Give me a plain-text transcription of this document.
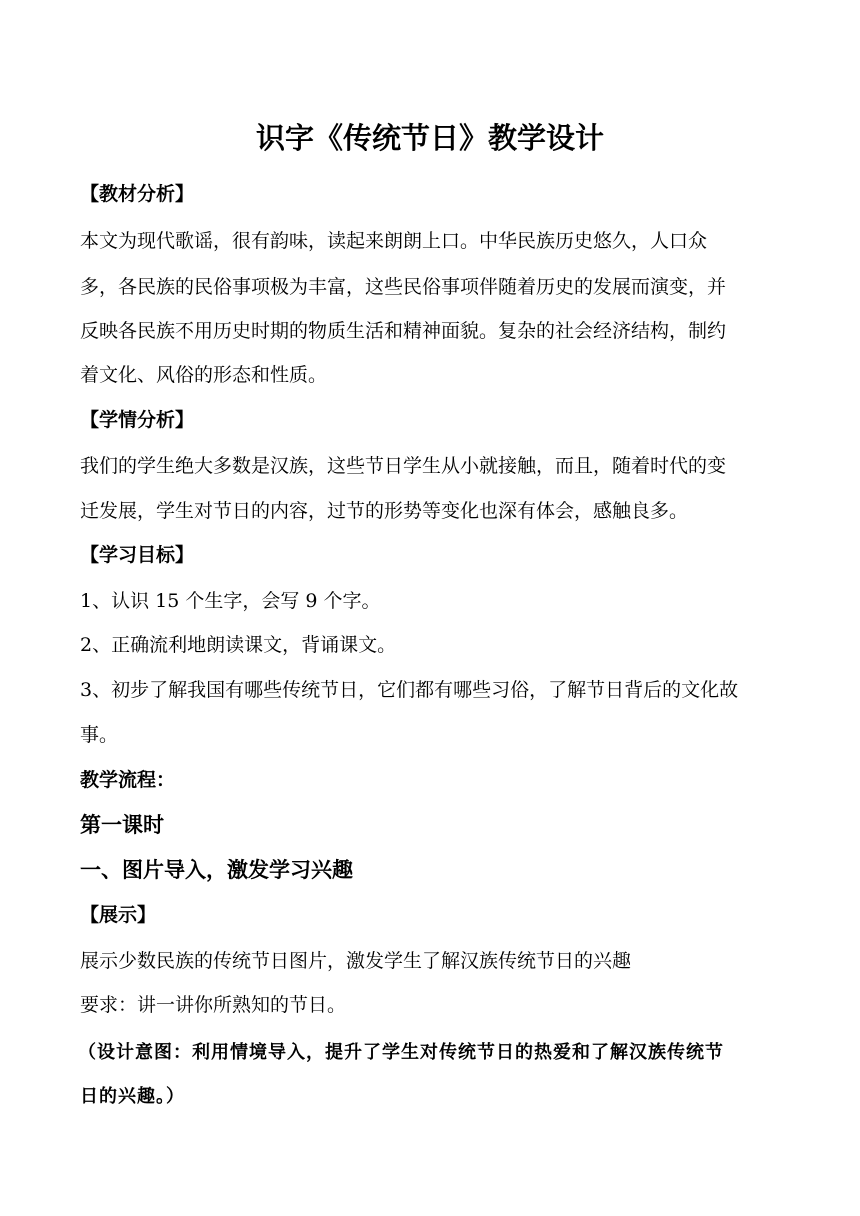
识字《传统节日》教学设计
【教材分析】
本文为现代歌谣，很有韵味，读起来朗朗上口。中华民族历史悠久，人口众
多，各民族的民俗事项极为丰富，这些民俗事项伴随着历史的发展而演变，并
反映各民族不用历史时期的物质生活和精神面貌。复杂的社会经济结构，制约
着文化、风俗的形态和性质。
【学情分析】
我们的学生绝大多数是汉族，这些节日学生从小就接触，而且，随着时代的变
迁发展，学生对节日的内容，过节的形势等变化也深有体会，感触良多。
【学习目标】
1、认识 15 个生字，会写 9 个字。
2、正确流利地朗读课文，背诵课文。
3、初步了解我国有哪些传统节日，它们都有哪些习俗，了解节日背后的文化故
事。
教学流程：
第一课时
一、图片导入，激发学习兴趣
【展示】
展示少数民族的传统节日图片，激发学生了解汉族传统节日的兴趣
要求：讲一讲你所熟知的节日。
（设计意图：利用情境导入，提升了学生对传统节日的热爱和了解汉族传统节
日的兴趣。）
